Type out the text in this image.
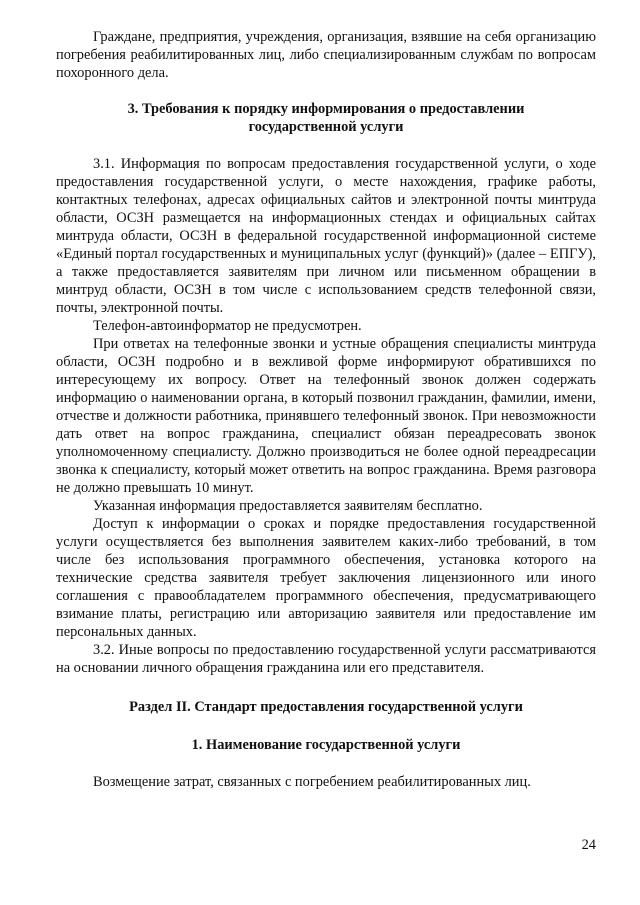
Граждане, предприятия, учреждения, организация, взявшие на себя организацию погребения реабилитированных лиц, либо специализированным службам по вопросам похоронного дела.

3. Требования к порядку информирования о предоставлении
государственной услуги

3.1. Информация по вопросам предоставления государственной услуги, о ходе предоставления государственной услуги, о месте нахождения, графике работы, контактных телефонах, адресах официальных сайтов и электронной почты минтруда области, ОСЗН размещается на информационных стендах и официальных сайтах минтруда области, ОСЗН в федеральной государственной информационной системе «Единый портал государственных и муниципальных услуг (функций)» (далее – ЕПГУ), а также предоставляется заявителям при личном или письменном обращении в минтруд области, ОСЗН в том числе с использованием средств телефонной связи, почты, электронной почты.

Телефон-автоинформатор не предусмотрен.

При ответах на телефонные звонки и устные обращения специалисты минтруда области, ОСЗН подробно и в вежливой форме информируют обратившихся по интересующему их вопросу. Ответ на телефонный звонок должен содержать информацию о наименовании органа, в который позвонил гражданин, фамилии, имени, отчестве и должности работника, принявшего телефонный звонок. При невозможности дать ответ на вопрос гражданина, специалист обязан переадресовать звонок уполномоченному специалисту. Должно производиться не более одной переадресации звонка к специалисту, который может ответить на вопрос гражданина. Время разговора не должно превышать 10 минут.

Указанная информация предоставляется заявителям бесплатно.

Доступ к информации о сроках и порядке предоставления государственной услуги осуществляется без выполнения заявителем каких-либо требований, в том числе без использования программного обеспечения, установка которого на технические средства заявителя требует заключения лицензионного или иного соглашения с правообладателем программного обеспечения, предусматривающего взимание платы, регистрацию или авторизацию заявителя или предоставление им персональных данных.

3.2. Иные вопросы по предоставлению государственной услуги рассматриваются на основании личного обращения гражданина или его представителя.

Раздел II. Стандарт предоставления государственной услуги
1. Наименование государственной услуги

Возмещение затрат, связанных с погребением реабилитированных лиц.

24
